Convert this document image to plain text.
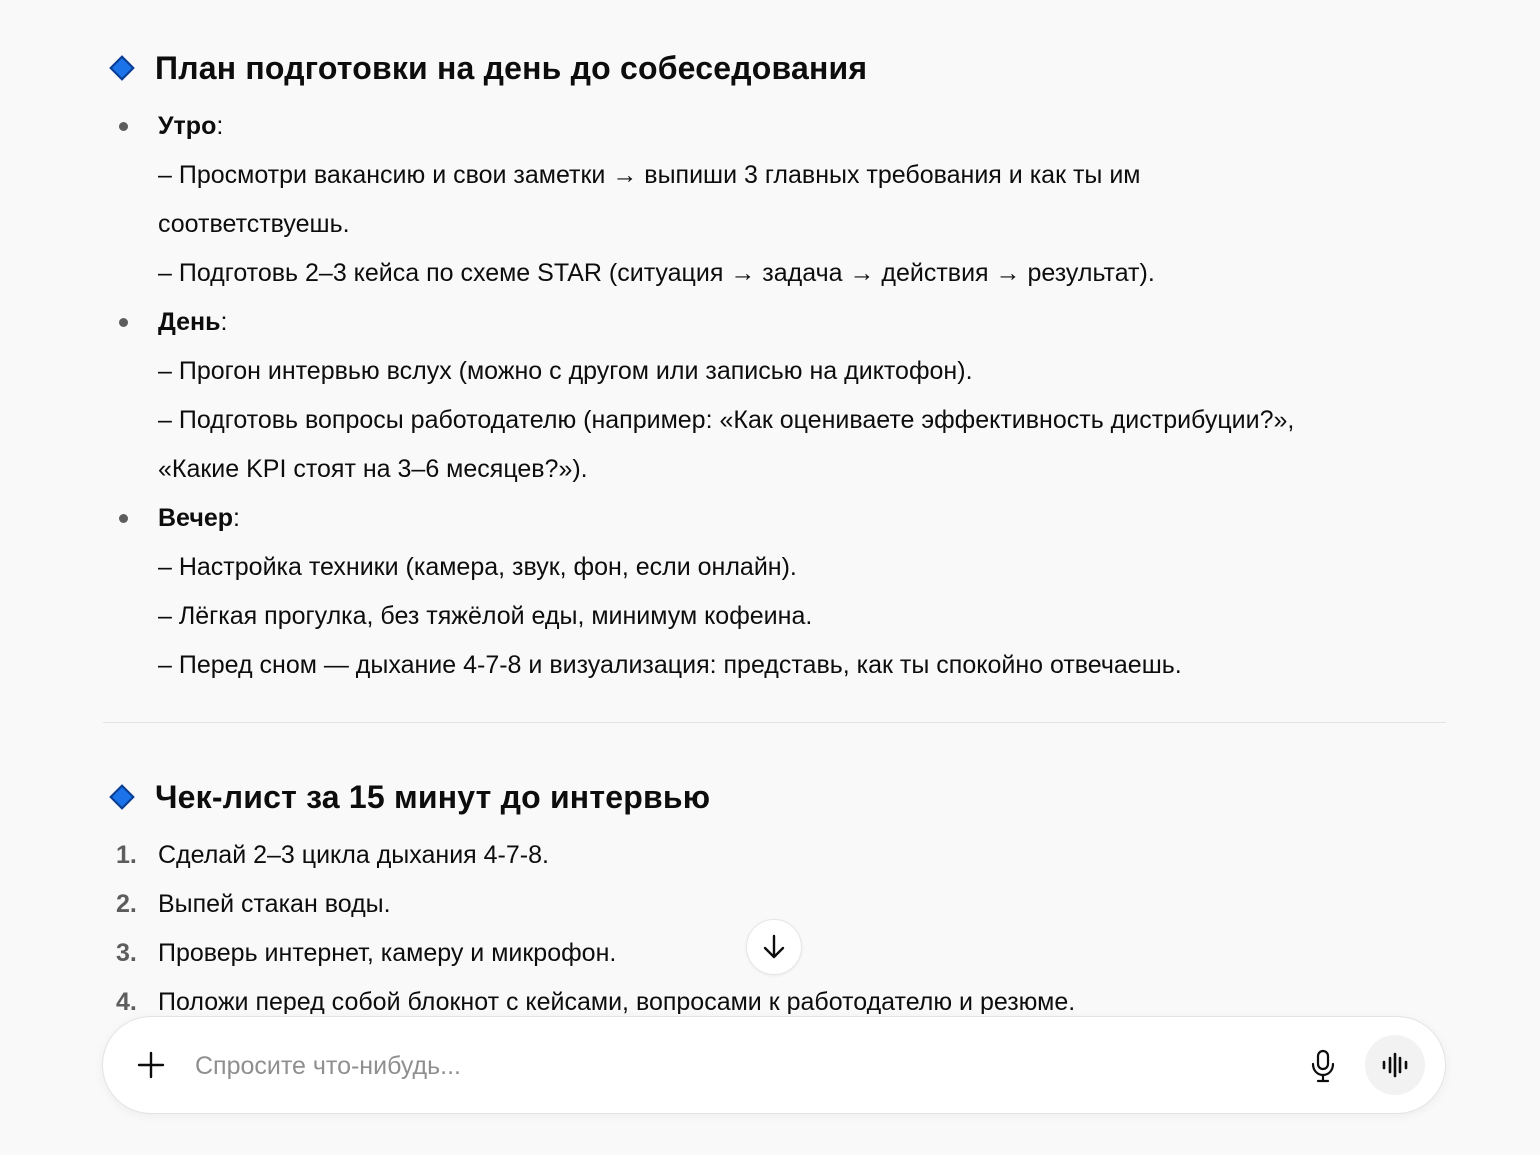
План подготовки на день до собеседования
Утро:
– Просмотри вакансию и свои заметки → выпиши 3 главных требования и как ты им
соответствуешь.
– Подготовь 2–3 кейса по схеме STAR (ситуация → задача → действия → результат).
День:
– Прогон интервью вслух (можно с другом или записью на диктофон).
– Подготовь вопросы работодателю (например: «Как оцениваете эффективность дистрибуции?»,
«Какие KPI стоят на 3–6 месяцев?»).
Вечер:
– Настройка техники (камера, звук, фон, если онлайн).
– Лёгкая прогулка, без тяжёлой еды, минимум кофеина.
– Перед сном — дыхание 4-7-8 и визуализация: представь, как ты спокойно отвечаешь.
Чек-лист за 15 минут до интервью
1. Сделай 2–3 цикла дыхания 4-7-8.
2. Выпей стакан воды.
3. Проверь интернет, камеру и микрофон.
4. Положи перед собой блокнот с кейсами, вопросами к работодателю и резюме.
Спросите что-нибудь...
